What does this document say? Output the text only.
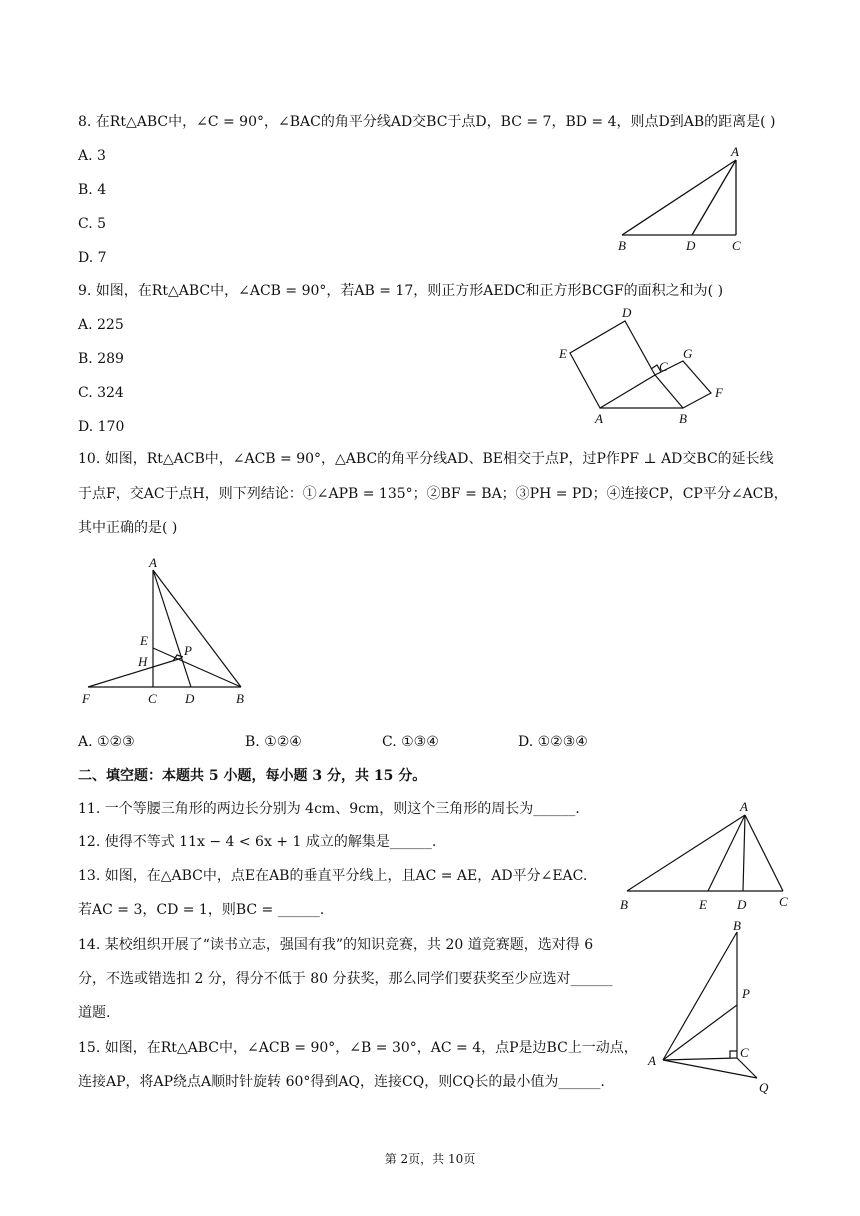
8. 在Rt△ABC中，∠C = 90°，∠BAC的角平分线AD交BC于点D，BC = 7，BD = 4，则点D到AB的距离是( )
A. 3
B. 4
C. 5
D. 7
A
B	D	C
9. 如图，在Rt△ABC中，∠ACB = 90°，若AB = 17，则正方形AEDC和正方形BCGF的面积之和为( )
A. 225
B. 289
C. 324
D. 170
D
E	G
C
F
A	B
10. 如图，Rt△ACB中，∠ACB = 90°，△ABC的角平分线AD、BE相交于点P，过P作PF ⊥ AD交BC的延长线
于点F，交AC于点H，则下列结论：①∠APB = 135°；②BF = BA；③PH = PD；④连接CP，CP平分∠ACB，
其中正确的是( )
A
E
H
P
F	C D	B
A. ①②③	B. ①②④	C. ①③④	D. ①②③④
二、填空题：本题共 5 小题，每小题 3 分，共 15 分。
11. 一个等腰三角形的两边长分别为 4cm、9cm，则这个三角形的周长为______.
12. 使得不等式 11x − 4 < 6x + 1 成立的解集是______.
13. 如图，在△ABC中，点E在AB的垂直平分线上，且AC = AE，AD平分∠EAC.
若AC = 3，CD = 1，则BC = ______.
A
B	E D	C
14. 某校组织开展了“读书立志，强国有我”的知识竞赛，共 20 道竞赛题，选对得 6
分，不选或错选扣 2 分，得分不低于 80 分获奖，那么同学们要获奖至少应选对______
道题.
B
P
A
C
Q
15. 如图，在Rt△ABC中，∠ACB = 90°，∠B = 30°，AC = 4，点P是边BC上一动点，
连接AP，将AP绕点A顺时针旋转 60°得到AQ，连接CQ，则CQ长的最小值为______.
第 2页，共 10页
